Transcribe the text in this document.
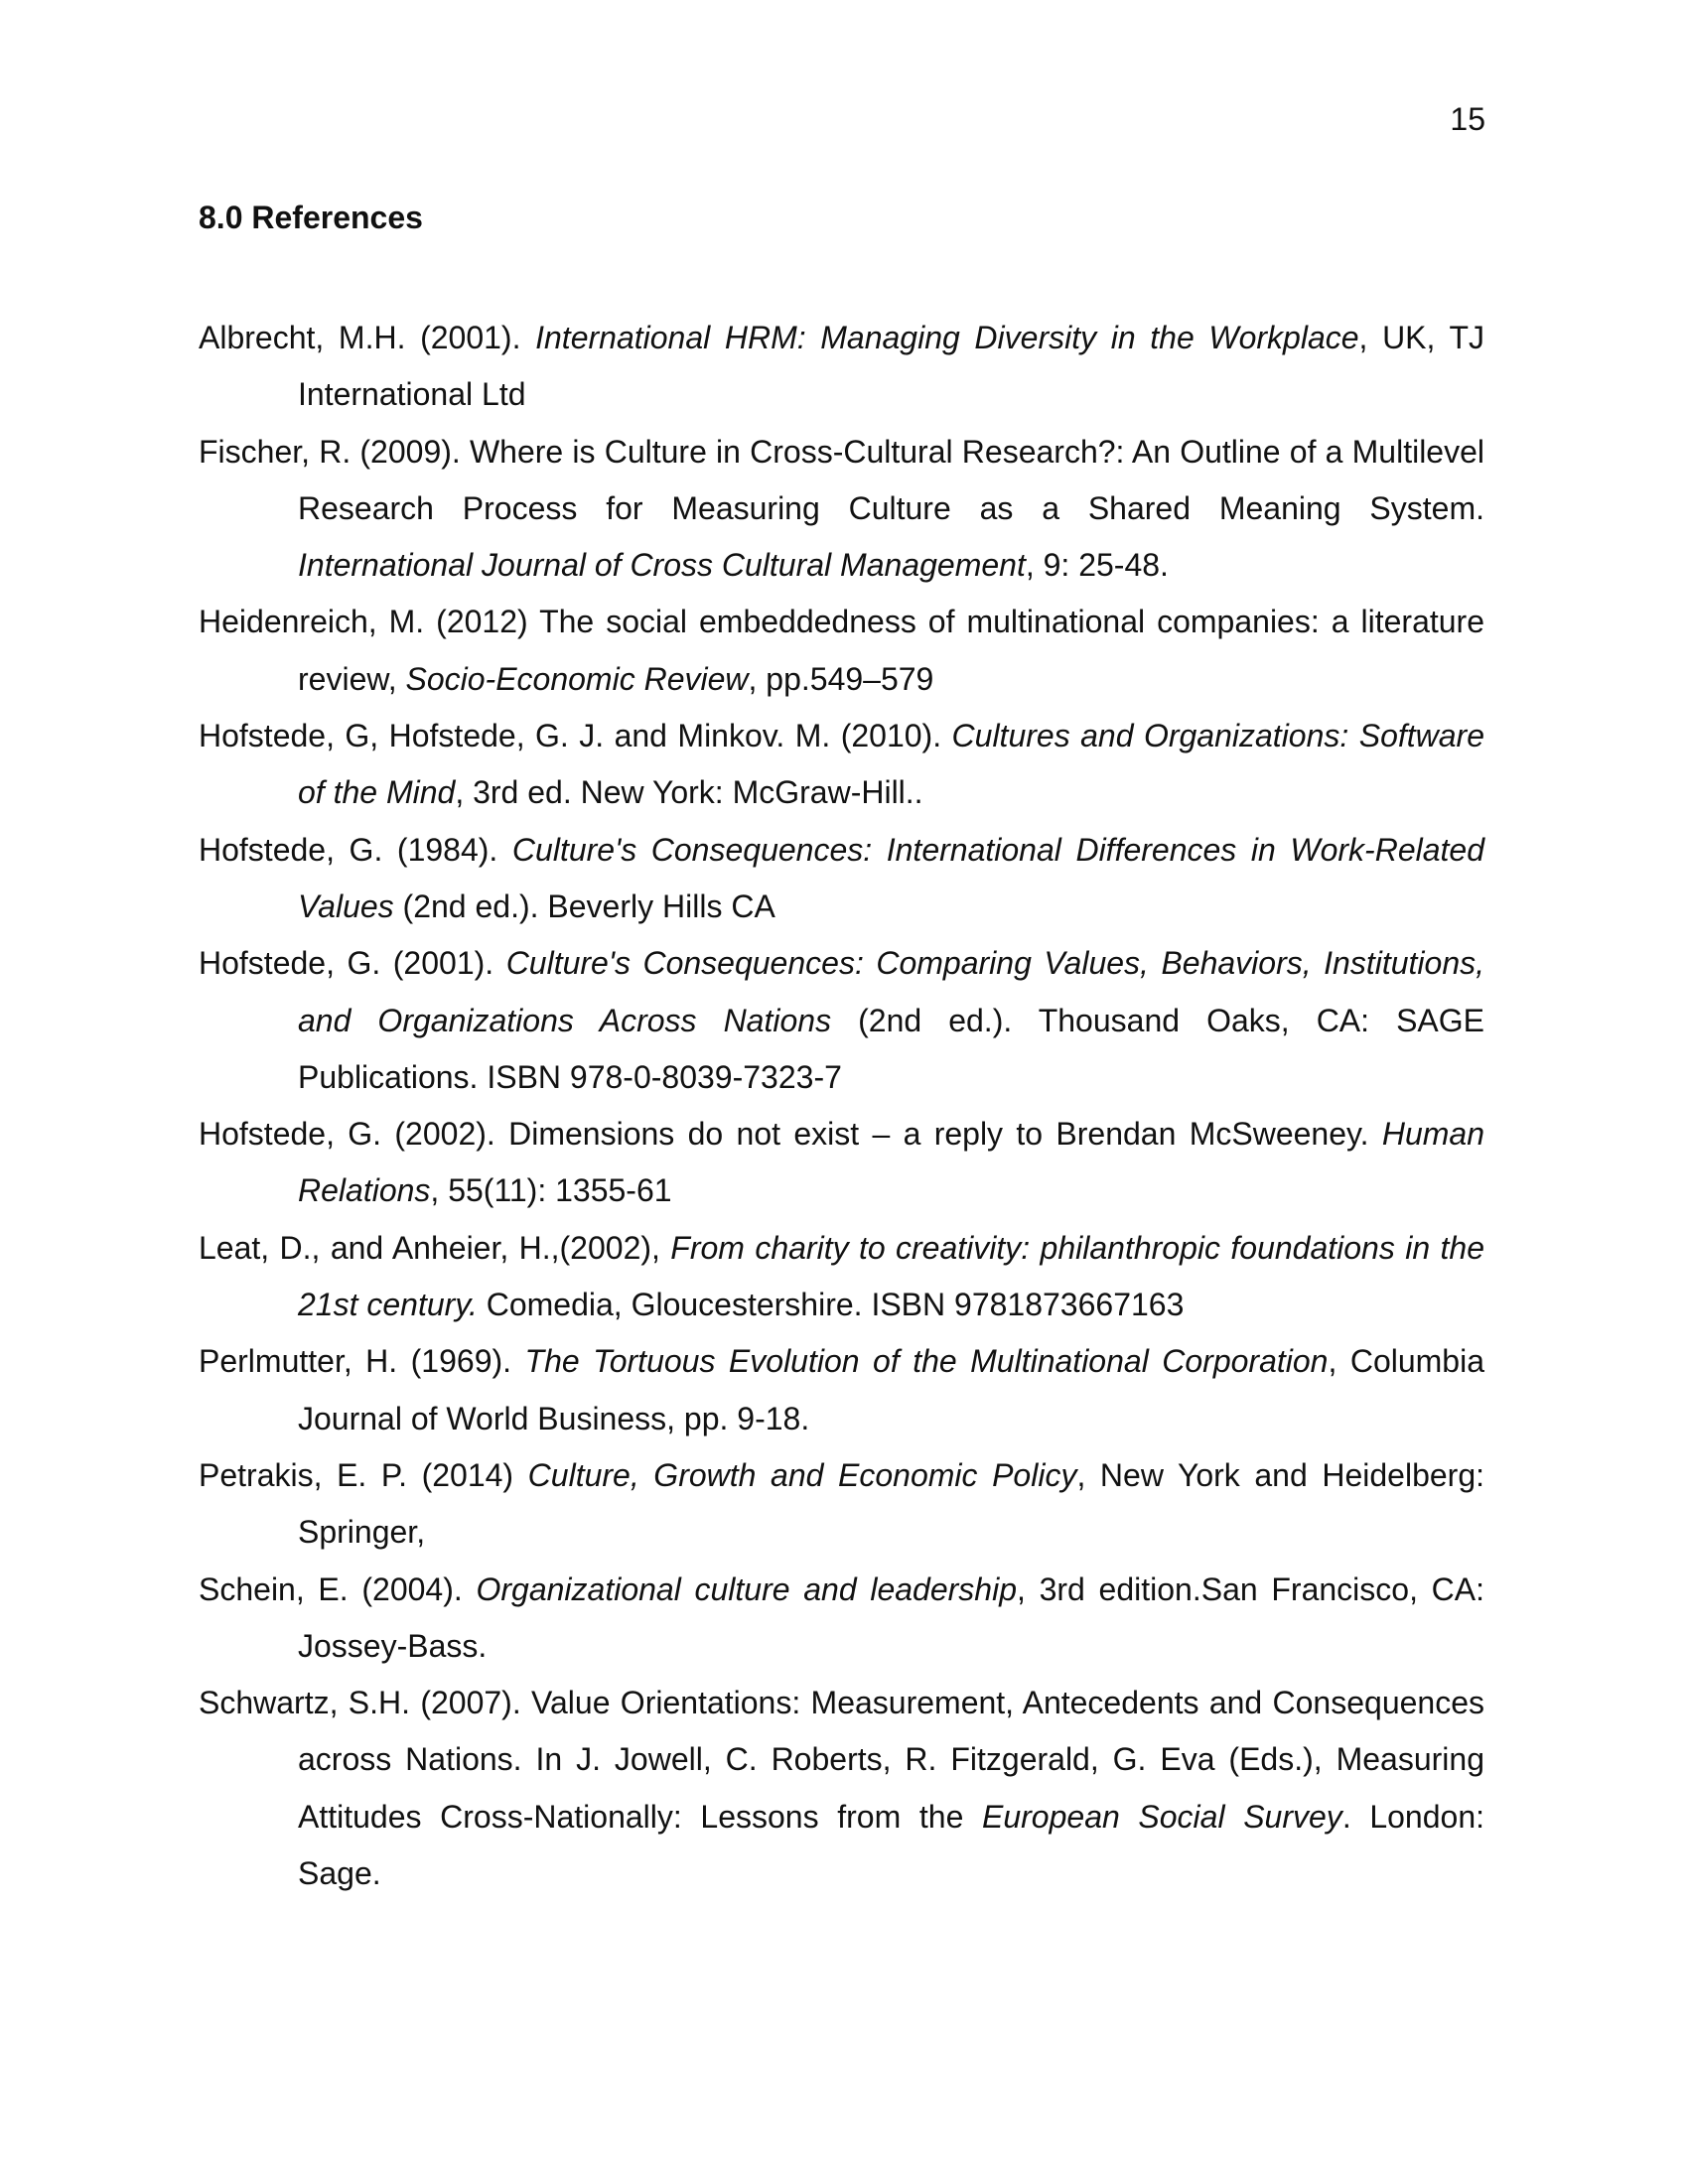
15
8.0 References
Albrecht, M.H. (2001). International HRM: Managing Diversity in the Workplace, UK, TJ International Ltd
Fischer, R. (2009). Where is Culture in Cross-Cultural Research?: An Outline of a Multilevel Research Process for Measuring Culture as a Shared Meaning System. International Journal of Cross Cultural Management, 9: 25-48.
Heidenreich, M. (2012) The social embeddedness of multinational companies: a literature review, Socio-Economic Review, pp.549–579
Hofstede, G, Hofstede, G. J. and Minkov. M. (2010). Cultures and Organizations: Software of the Mind, 3rd ed. New York: McGraw-Hill..
Hofstede, G. (1984). Culture's Consequences: International Differences in Work-Related Values (2nd ed.). Beverly Hills CA
Hofstede, G. (2001). Culture's Consequences: Comparing Values, Behaviors, Institutions, and Organizations Across Nations (2nd ed.). Thousand Oaks, CA: SAGE Publications. ISBN 978-0-8039-7323-7
Hofstede, G. (2002). Dimensions do not exist – a reply to Brendan McSweeney. Human Relations, 55(11): 1355-61
Leat, D., and Anheier, H.,(2002), From charity to creativity: philanthropic foundations in the 21st century. Comedia, Gloucestershire. ISBN 9781873667163
Perlmutter, H. (1969). The Tortuous Evolution of the Multinational Corporation, Columbia Journal of World Business, pp. 9-18.
Petrakis, E. P. (2014) Culture, Growth and Economic Policy, New York and Heidelberg: Springer,
Schein, E. (2004). Organizational culture and leadership, 3rd edition.San Francisco, CA: Jossey-Bass.
Schwartz, S.H. (2007). Value Orientations: Measurement, Antecedents and Consequences across Nations. In J. Jowell, C. Roberts, R. Fitzgerald, G. Eva (Eds.), Measuring Attitudes Cross-Nationally: Lessons from the European Social Survey. London: Sage.
